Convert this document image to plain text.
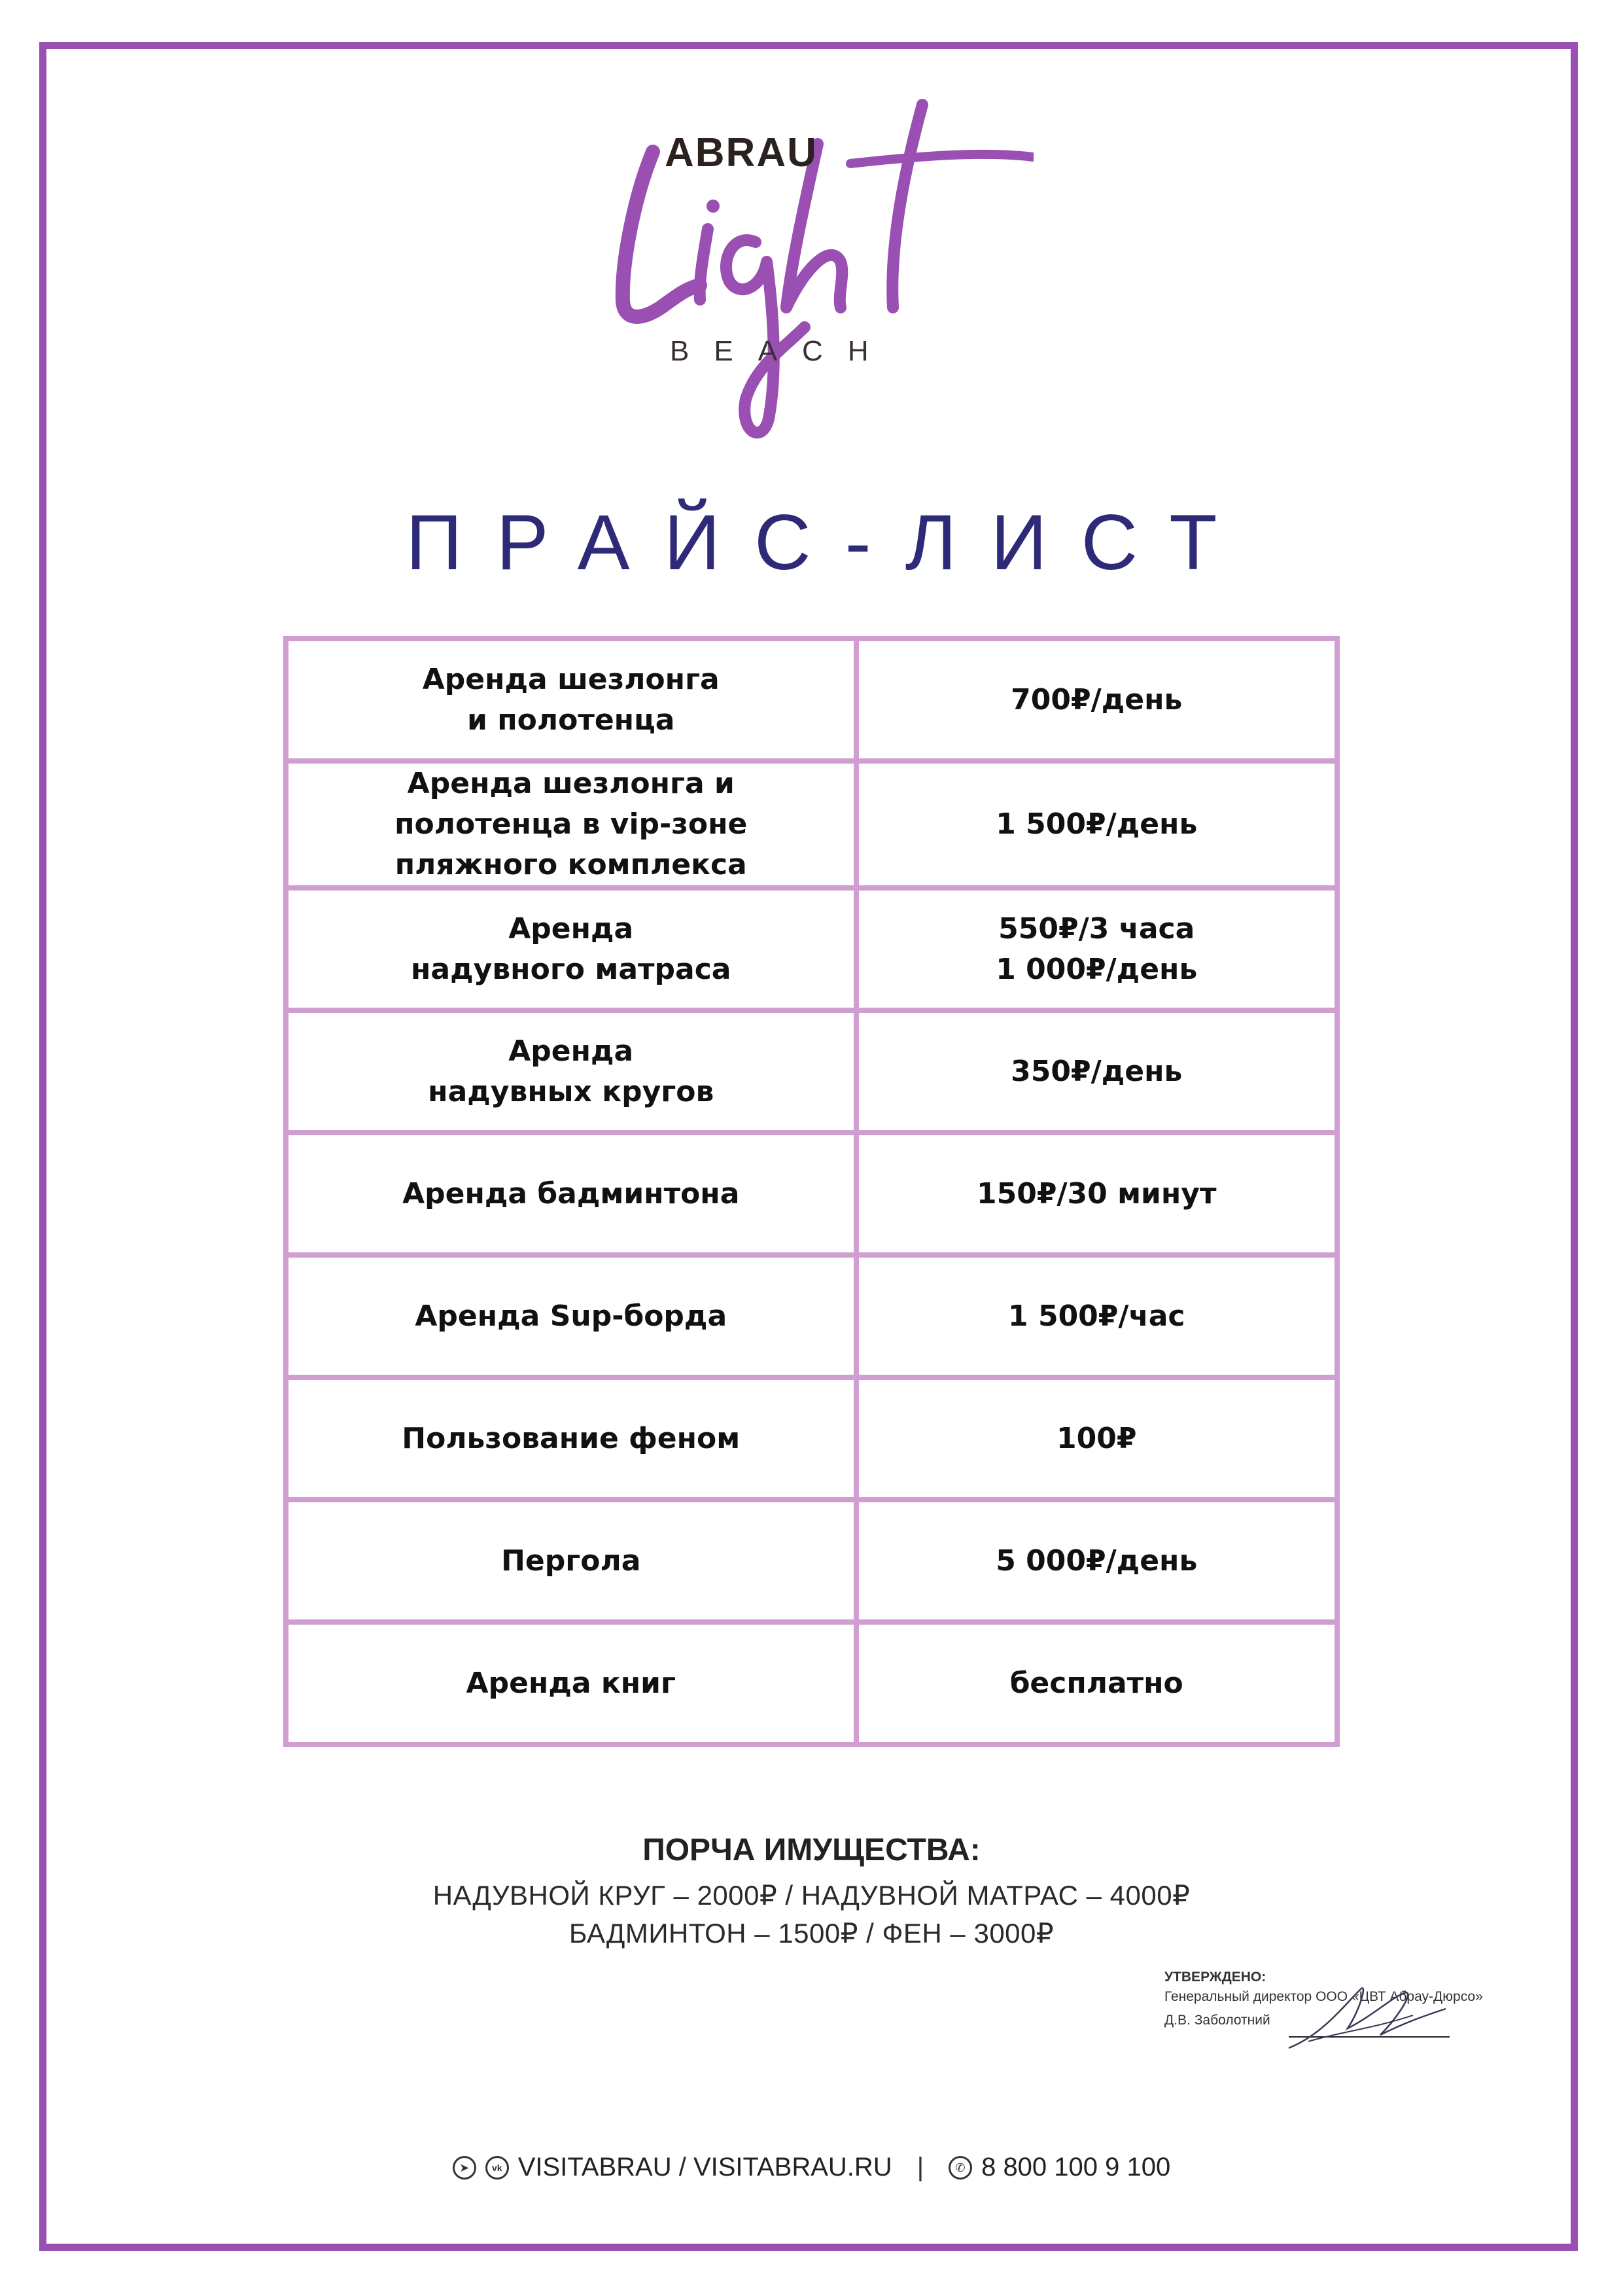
ABRAU
BEACH
ПРАЙС-ЛИСТ
Аренда шезлонга
и полотенца	700₽/день
Аренда шезлонга и
полотенца в vip-зоне
пляжного комплекса	1 500₽/день
Аренда
надувного матраса	550₽/3 часа
1 000₽/день
Аренда
надувных кругов	350₽/день
Аренда бадминтона	150₽/30 минут
Аренда Sup-борда	1 500₽/час
Пользование феном	100₽
Пергола	5 000₽/день
Аренда книг	бесплатно
ПОРЧА ИМУЩЕСТВА:
НАДУВНОЙ КРУГ – 2000₽ / НАДУВНОЙ МАТРАС – 4000₽
БАДМИНТОН – 1500₽ / ФЕН – 3000₽
УТВЕРЖДЕНО:
Генеральный директор ООО «ЦВТ Абрау-Дюрсо»
Д.В. Заболотний
➤	vk VISITABRAU / VISITABRAU.RU |	✆ 8 800 100 9 100
